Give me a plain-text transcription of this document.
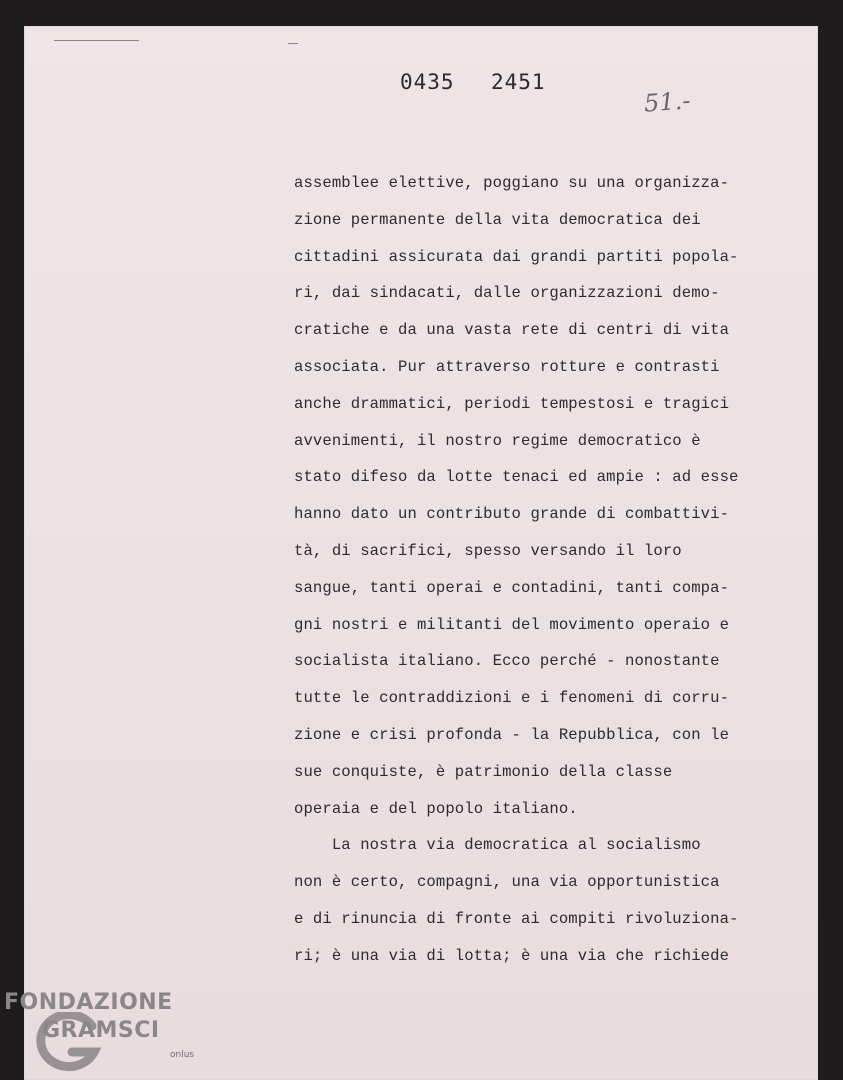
0435 2451
51.-
assemblee elettive, poggiano su una organizza-
zione permanente della vita democratica dei
cittadini assicurata dai grandi partiti popola-
ri, dai sindacati, dalle organizzazioni demo-
cratiche e da una vasta rete di centri di vita
associata. Pur attraverso rotture e contrasti
anche drammatici, periodi tempestosi e tragici
avvenimenti, il nostro regime democratico è
stato difeso da lotte tenaci ed ampie : ad esse
hanno dato un contributo grande di combattivi-
tà, di sacrifici, spesso versando il loro
sangue, tanti operai e contadini, tanti compa-
gni nostri e militanti del movimento operaio e
socialista italiano. Ecco perché - nonostante
tutte le contraddizioni e i fenomeni di corru-
zione e crisi profonda - la Repubblica, con le
sue conquiste, è patrimonio della classe
operaia e del popolo italiano.
La nostra via democratica al socialismo
non è certo, compagni, una via opportunistica
e di rinuncia di fronte ai compiti rivoluziona-
ri; è una via di lotta; è una via che richiede
FONDAZIONE
GRAMSCI
onlus
